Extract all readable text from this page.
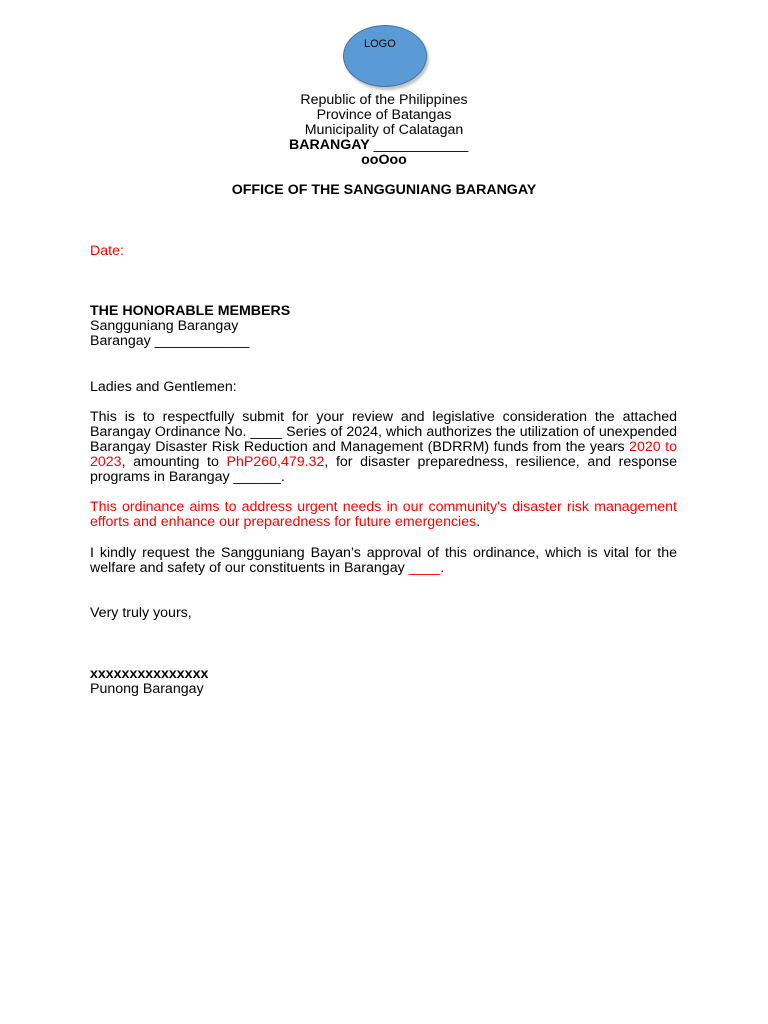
LOGO
Republic of the Philippines
Province of Batangas
Municipality of Calatagan
BARANGAY ____________
ooOoo
OFFICE OF THE SANGGUNIANG BARANGAY
Date:
THE HONORABLE MEMBERS
Sangguniang Barangay
Barangay ____________
Ladies and Gentlemen:

This is to respectfully submit for your review and legislative consideration the attached Barangay Ordinance No. ____ Series of 2024, which authorizes the utilization of unexpended Barangay Disaster Risk Reduction and Management (BDRRM) funds from the years 2020 to 2023, amounting to PhP260,479.32, for disaster preparedness, resilience, and response programs in Barangay ______.

This ordinance aims to address urgent needs in our community's disaster risk management efforts and enhance our preparedness for future emergencies.

I kindly request the Sangguniang Bayan’s approval of this ordinance, which is vital for the welfare and safety of our constituents in Barangay ____.

Very truly yours,
xxxxxxxxxxxxxxx
Punong Barangay
